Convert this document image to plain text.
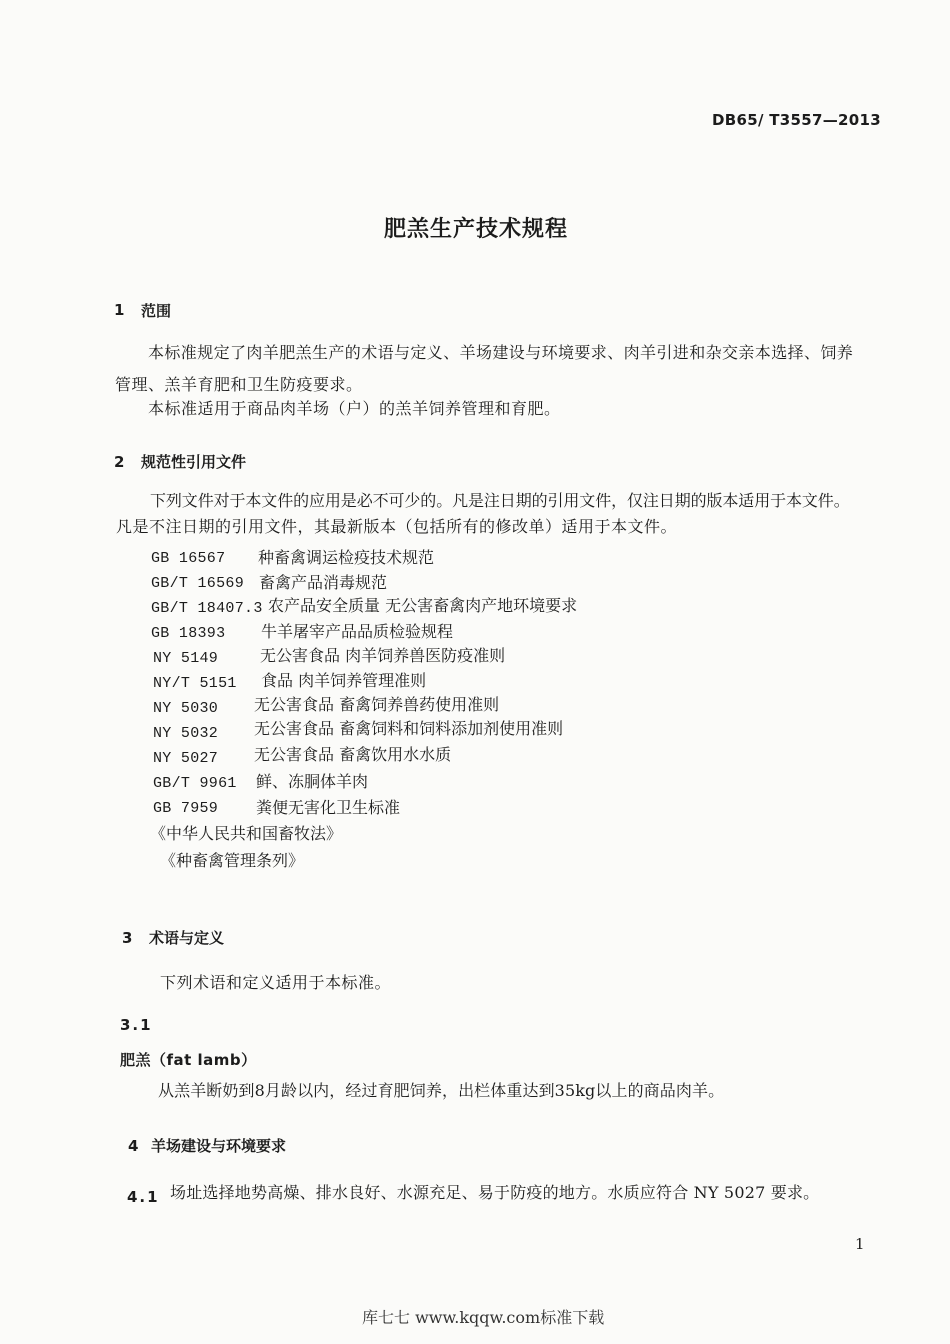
DB65/ T3557—2013
肥羔生产技术规程
1 范围
本标准规定了肉羊肥羔生产的术语与定义、羊场建设与环境要求、肉羊引进和杂交亲本选择、饲养
管理、羔羊育肥和卫生防疫要求。
本标准适用于商品肉羊场（户）的羔羊饲养管理和育肥。
2 规范性引用文件
下列文件对于本文件的应用是必不可少的。凡是注日期的引用文件，仅注日期的版本适用于本文件。
凡是不注日期的引用文件，其最新版本（包括所有的修改单）适用于本文件。
GB 16567 种畜禽调运检疫技术规范
GB/T 16569 畜禽产品消毒规范
GB/T 18407.3 农产品安全质量 无公害畜禽肉产地环境要求
GB 18393 牛羊屠宰产品品质检验规程
NY 5149	无公害食品 肉羊饲养兽医防疫准则
NY/T 5151 食品 肉羊饲养管理准则
NY 5030 无公害食品 畜禽饲养兽药使用准则
NY 5032 无公害食品 畜禽饲料和饲料添加剂使用准则
NY 5027 无公害食品 畜禽饮用水水质
GB/T 9961 鲜、冻胴体羊肉
GB 7959 粪便无害化卫生标准
《中华人民共和国畜牧法》
《种畜禽管理条列》
3 术语与定义
下列术语和定义适用于本标准。
3.1
肥羔（fat lamb）
从羔羊断奶到8月龄以内，经过育肥饲养，出栏体重达到35kg以上的商品肉羊。
4 羊场建设与环境要求
4.1 场址选择地势高燥、排水良好、水源充足、易于防疫的地方。水质应符合 NY 5027 要求。
1
库七七 www.kqqw.com标准下载
